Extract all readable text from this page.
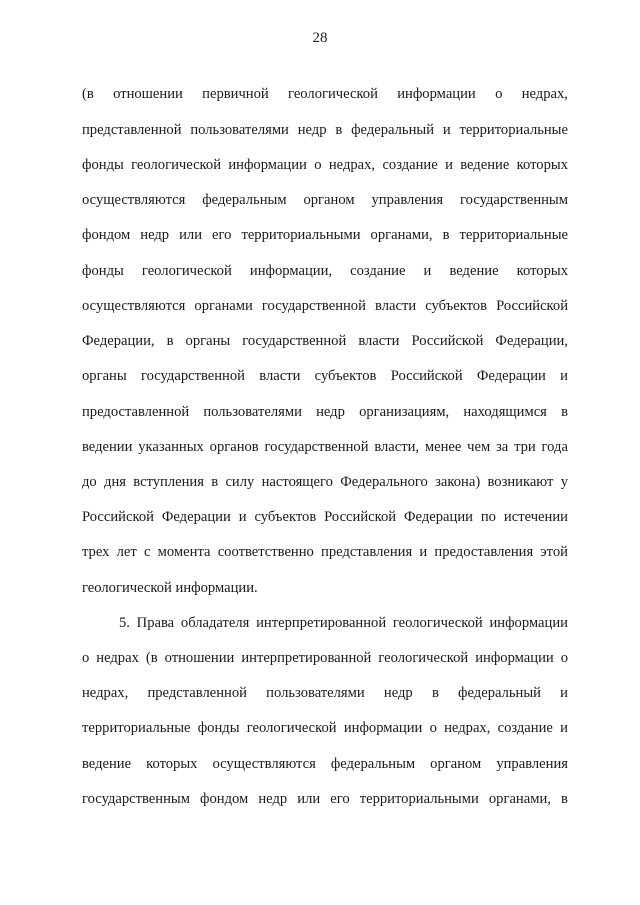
28
(в отношении первичной геологической информации о недрах,
представленной пользователями недр в федеральный и территориальные
фонды геологической информации о недрах, создание и ведение которых
осуществляются федеральным органом управления государственным
фондом недр или его территориальными органами, в территориальные
фонды геологической информации, создание и ведение которых
осуществляются органами государственной власти субъектов Российской
Федерации, в органы государственной власти Российской Федерации,
органы государственной власти субъектов Российской Федерации и
предоставленной пользователями недр организациям, находящимся в
ведении указанных органов государственной власти, менее чем за три года
до дня вступления в силу настоящего Федерального закона) возникают у
Российской Федерации и субъектов Российской Федерации по истечении
трех лет с момента соответственно представления и предоставления этой
геологической информации.
5. Права обладателя интерпретированной геологической информации
о недрах (в отношении интерпретированной геологической информации о
недрах, представленной пользователями недр в федеральный и
территориальные фонды геологической информации о недрах, создание и
ведение которых осуществляются федеральным органом управления
государственным фондом недр или его территориальными органами, в
